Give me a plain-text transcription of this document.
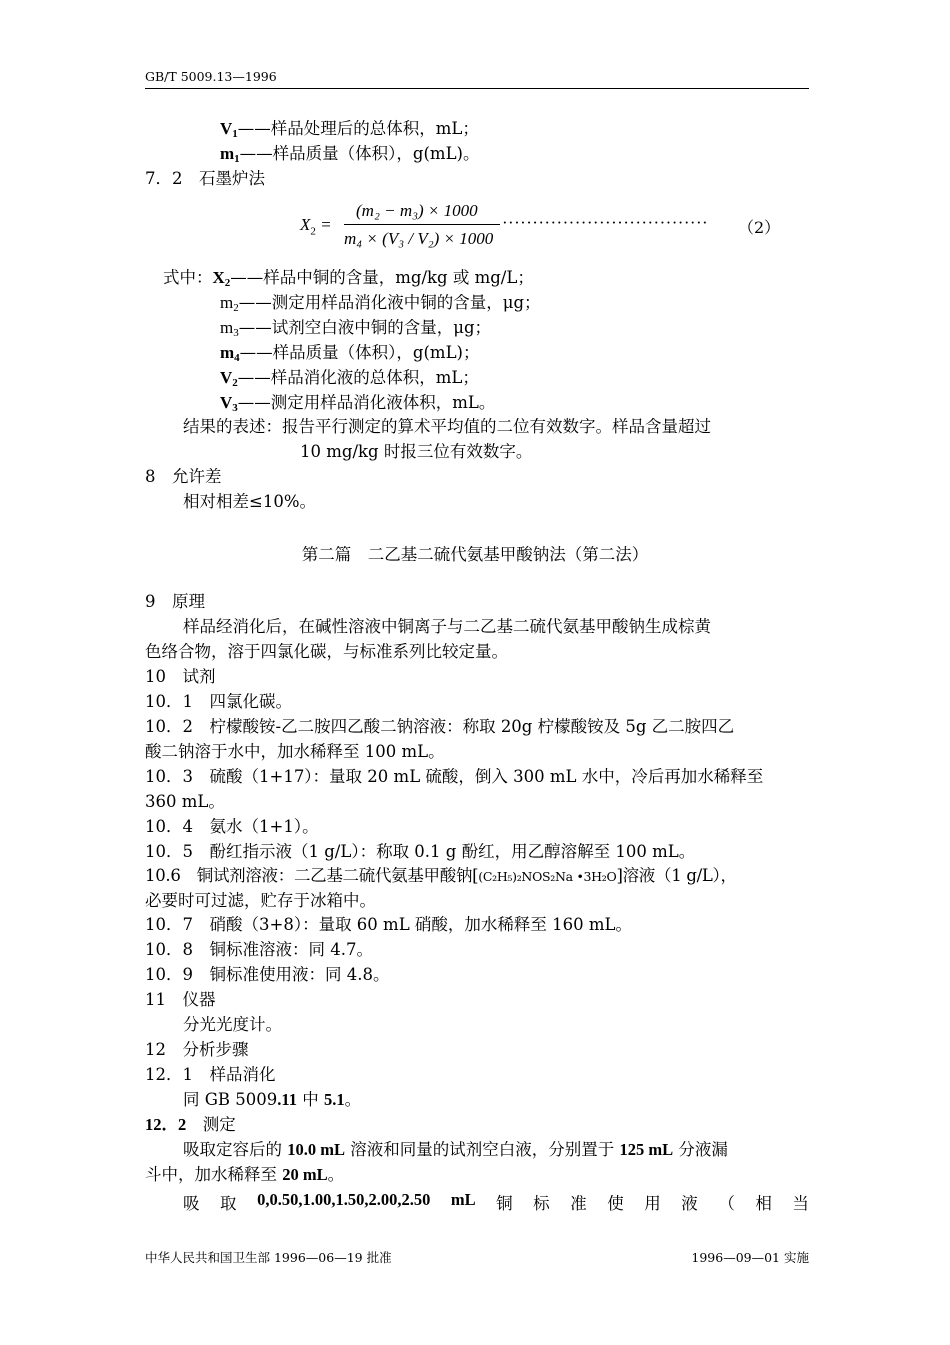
GB/T 5009.13—1996
$V_1——$样品处理后的总体积，mL；
$m_1——$样品质量（体积），g(mL)。
7．2　石墨炉法
$X_2$ =
(m₂ − m₃) × 1000
m₄ × (V₃ / V₂) × 1000
·································· （2）
式中：$X_2——$样品中铜的含量，mg/kg 或 mg/L；
$m_2——$测定用样品消化液中铜的含量，μg；
$m_3——$试剂空白液中铜的含量，μg；
$m_4——$样品质量（体积），g(mL)；
$V_2——$样品消化液的总体积，mL；
$V_3——$测定用样品消化液体积，mL。
结果的表述：报告平行测定的算术平均值的二位有效数字。样品含量超过
10 mg/kg 时报三位有效数字。
8　允许差
相对相差≤10%。
第二篇　二乙基二硫代氨基甲酸钠法（第二法）
9　原理
样品经消化后，在碱性溶液中铜离子与二乙基二硫代氨基甲酸钠生成棕黄
色络合物，溶于四氯化碳，与标准系列比较定量。
10　试剂
10．1　四氯化碳。
10．2　柠檬酸铵-乙二胺四乙酸二钠溶液：称取 20g 柠檬酸铵及 5g 乙二胺四乙
酸二钠溶于水中，加水稀释至 100 mL。
10．3　硫酸（1+17）：量取 20 mL 硫酸，倒入 300 mL 水中，冷后再加水稀释至
360 mL。
10．4　氨水（1+1）。
10．5　酚红指示液（1 g/L）：称取 0.1 g 酚红，用乙醇溶解至 100 mL。
10.6　铜试剂溶液：二乙基二硫代氨基甲酸钠[(C₂H₅)₂NOS₂Na •3H₂O]溶液（1 g/L），
必要时可过滤，贮存于冰箱中。
10．7　硝酸（3+8）：量取 60 mL 硝酸，加水稀释至 160 mL。
10．8　铜标准溶液：同 4.7。
10．9　铜标准使用液：同 4.8。
11　仪器
分光光度计。
12　分析步骤
12．1　样品消化
同 GB 5009.11 中 5.1。
12．2　测定
吸取定容后的 10.0 mL 溶液和同量的试剂空白液，分别置于 125 mL 分液漏
斗中，加水稀释至 20 mL。
吸 取 0,0.50,1.00,1.50,2.00,2.50 mL 铜 标 准 使 用 液 （ 相 当
中华人民共和国卫生部 1996—06—19 批准	1996—09—01 实施
